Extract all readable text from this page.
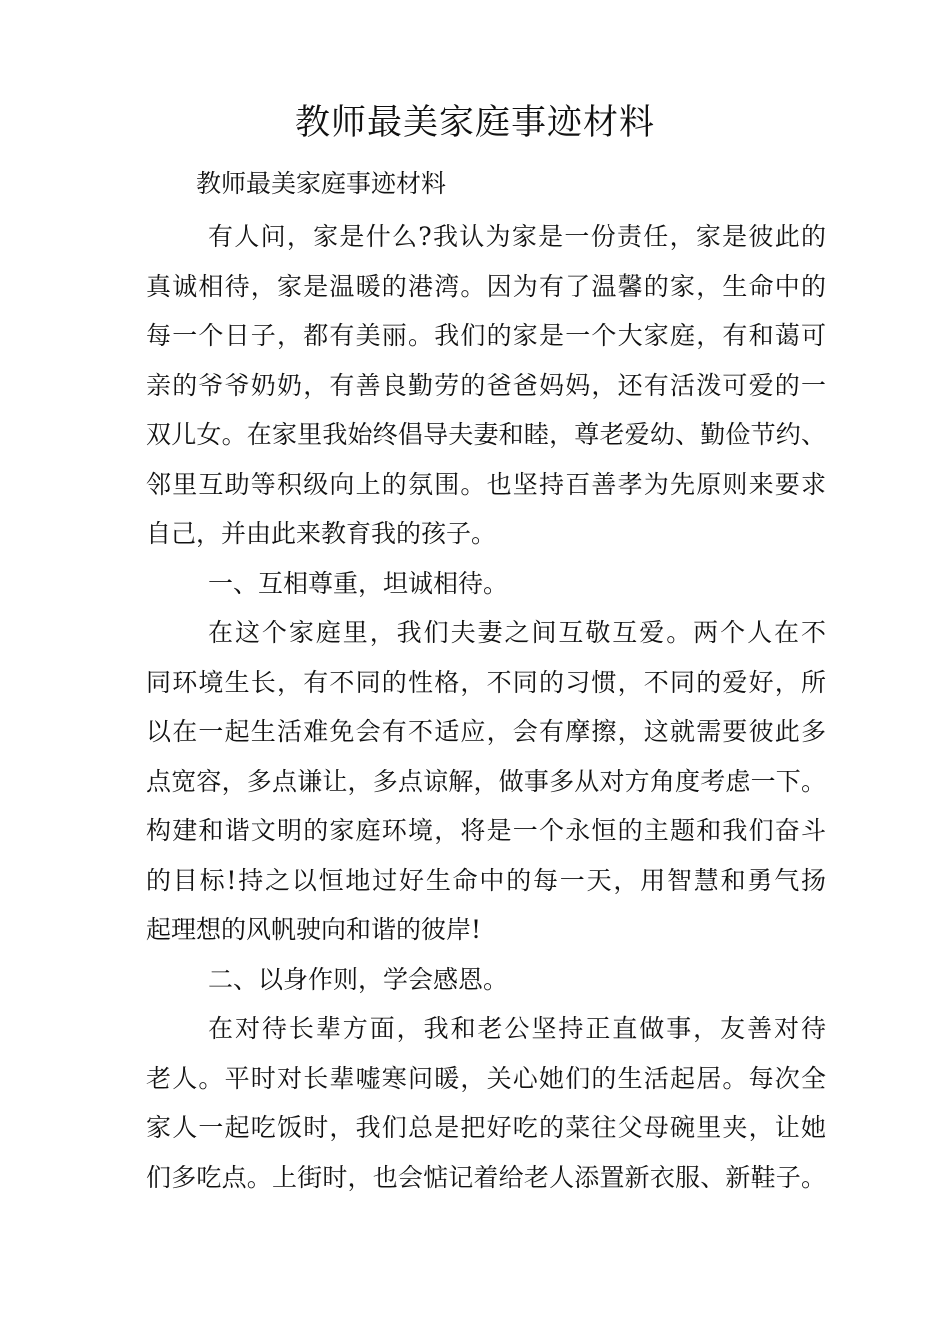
教师最美家庭事迹材料
教师最美家庭事迹材料
有人问，家是什么?我认为家是一份责任，家是彼此的
真诚相待，家是温暖的港湾。因为有了温馨的家，生命中的
每一个日子，都有美丽。我们的家是一个大家庭，有和蔼可
亲的爷爷奶奶，有善良勤劳的爸爸妈妈，还有活泼可爱的一
双儿女。在家里我始终倡导夫妻和睦，尊老爱幼、勤俭节约、
邻里互助等积级向上的氛围。也坚持百善孝为先原则来要求
自己，并由此来教育我的孩子。
一、互相尊重，坦诚相待。
在这个家庭里，我们夫妻之间互敬互爱。两个人在不
同环境生长，有不同的性格，不同的习惯，不同的爱好，所
以在一起生活难免会有不适应，会有摩擦，这就需要彼此多
点宽容，多点谦让，多点谅解，做事多从对方角度考虑一下。
构建和谐文明的家庭环境，将是一个永恒的主题和我们奋斗
的目标!持之以恒地过好生命中的每一天，用智慧和勇气扬
起理想的风帆驶向和谐的彼岸!
二、以身作则，学会感恩。
在对待长辈方面，我和老公坚持正直做事，友善对待
老人。平时对长辈嘘寒问暖，关心她们的生活起居。每次全
家人一起吃饭时，我们总是把好吃的菜往父母碗里夹，让她
们多吃点。上街时，也会惦记着给老人添置新衣服、新鞋子。
